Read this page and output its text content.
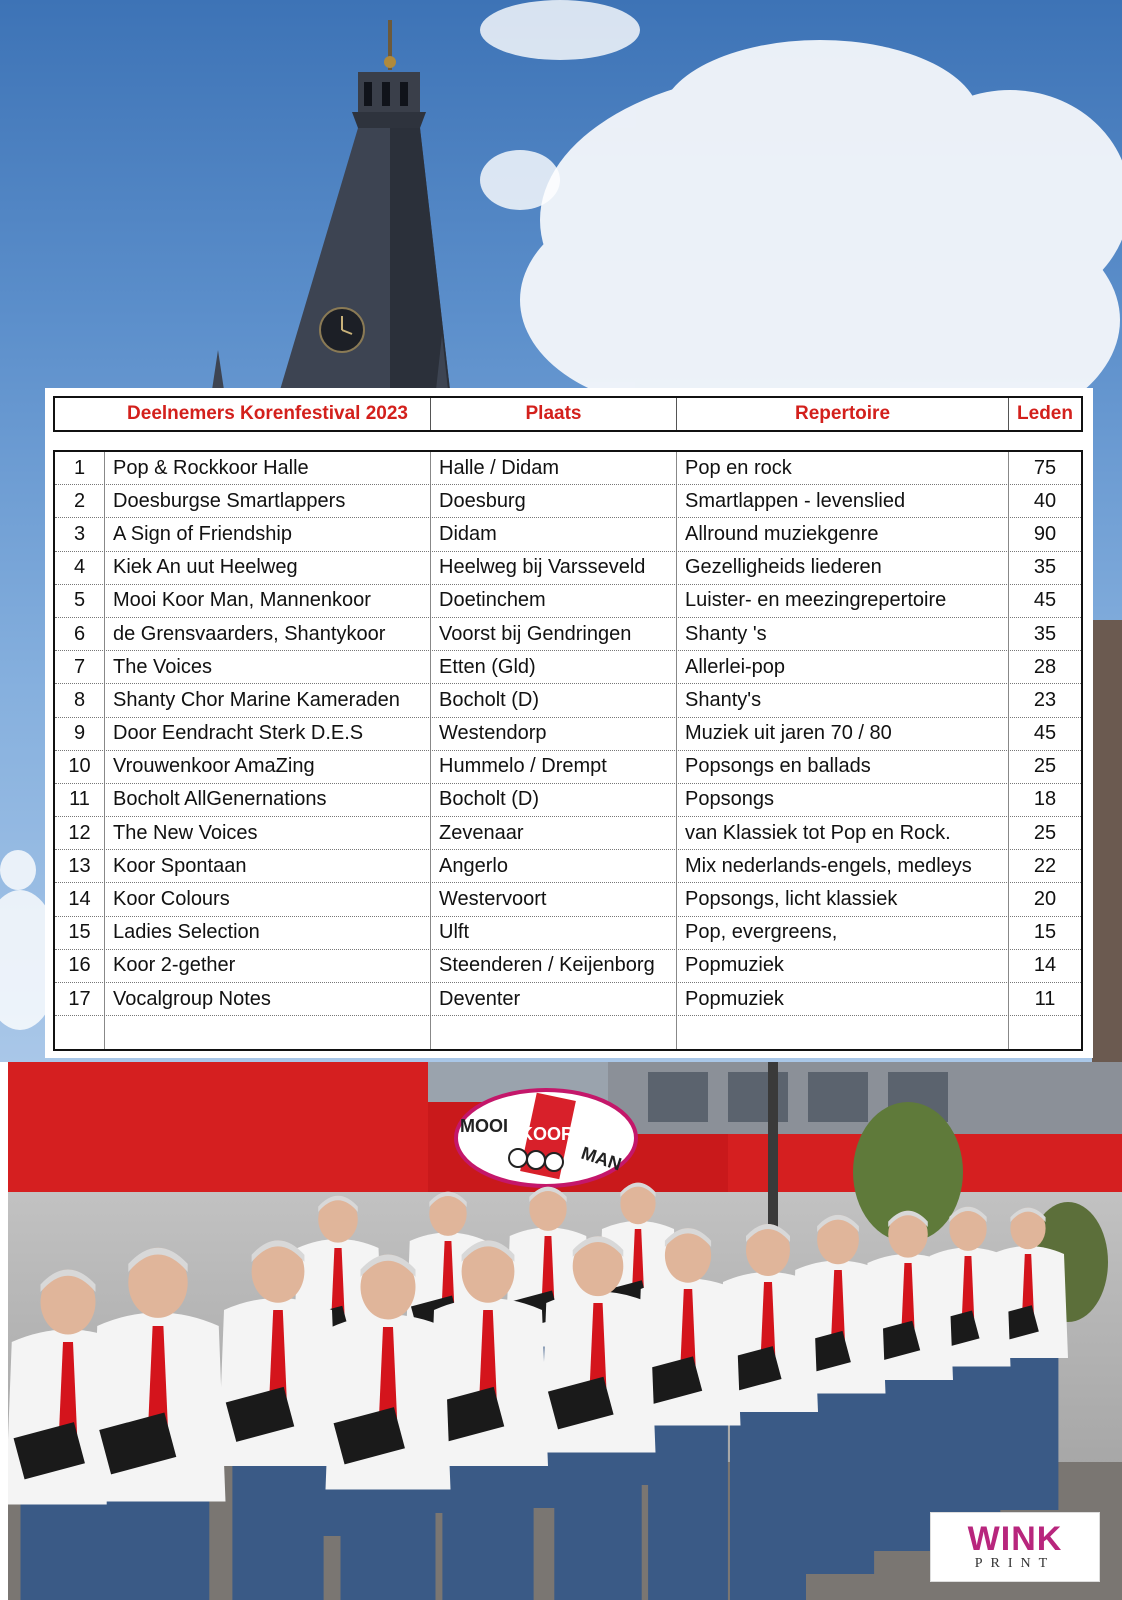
Deelnemers Korenfestival 2023	Plaats	Repertoire	Leden
1	Pop & Rockkoor Halle	Halle / Didam	Pop en rock	75
2	Doesburgse Smartlappers	Doesburg	Smartlappen - levenslied	40
3	A Sign of Friendship	Didam	Allround muziekgenre	90
4	Kiek An uut Heelweg	Heelweg bij Varsseveld	Gezelligheids liederen	35
5	Mooi Koor Man, Mannenkoor	Doetinchem	Luister- en meezingrepertoire	45
6	de Grensvaarders, Shantykoor	Voorst bij Gendringen	Shanty 's	35
7	The Voices	Etten (Gld)	Allerlei-pop	28
8	Shanty Chor Marine Kameraden	Bocholt (D)	Shanty's	23
9	Door Eendracht Sterk D.E.S	Westendorp	Muziek uit jaren 70 / 80	45
10	Vrouwenkoor AmaZing	Hummelo / Drempt	Popsongs en ballads	25
11	Bocholt AllGenernations	Bocholt (D)	Popsongs	18
12	The New Voices	Zevenaar	van Klassiek tot Pop en Rock.	25
13	Koor Spontaan	Angerlo	Mix nederlands-engels, medleys	22
14	Koor Colours	Westervoort	Popsongs, licht klassiek	20
15	Ladies Selection	Ulft	Pop, evergreens,	15
16	Koor 2-gether	Steenderen / Keijenborg	Popmuziek	14
17	Vocalgroup Notes	Deventer	Popmuziek	11
MOOI KOOR
MAN
WINK
PRINT
